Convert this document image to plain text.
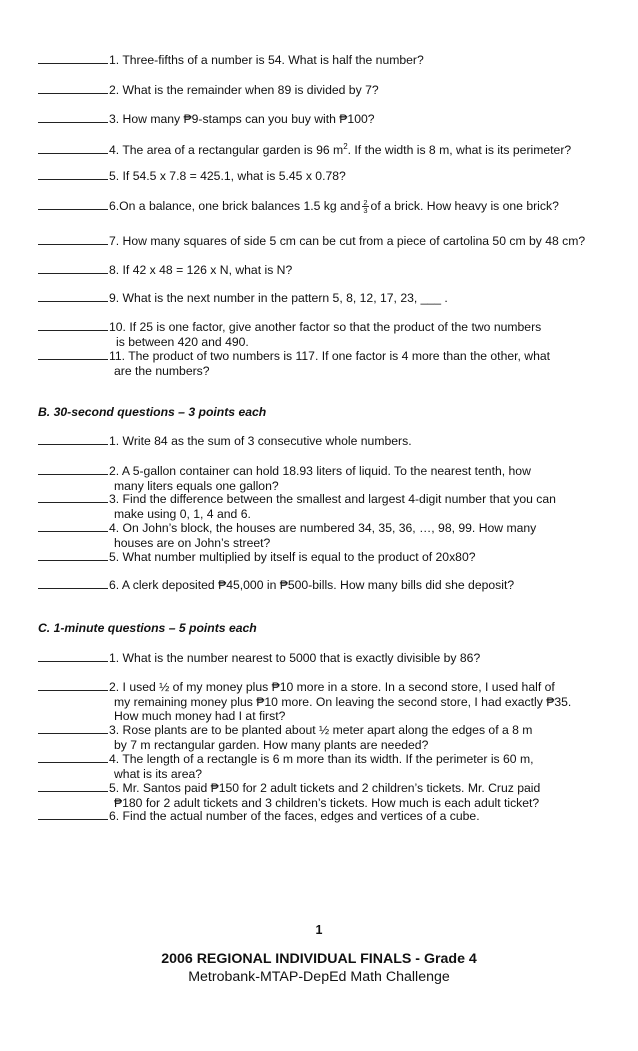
1. Three-fifths of a number is 54. What is half the number?
2. What is the remainder when 89 is divided by 7?
3. How many ₱9-stamps can you buy with ₱100?
4. The area of a rectangular garden is 96 $m^2$. If the width is 8 m, what is its perimeter?
5. If 54.5 x 7.8 = 425.1, what is 5.45 x 0.78?
6.On a balance, one brick balances 1.5 kg and $\frac{2}{3}$ of a brick. How heavy is one brick?
7. How many squares of side 5 cm can be cut from a piece of cartolina 50 cm by 48 cm?
8. If 42 x 48 = 126 x N, what is N?
9. What is the next number in the pattern 5, 8, 12, 17, 23, ___ .
10. If 25 is one factor, give another factor so that the product of the two numbers
is between 420 and 490.
11. The product of two numbers is 117. If one factor is 4 more than the other, what
are the numbers?
B. 30-second questions – 3 points each
1. Write 84 as the sum of 3 consecutive whole numbers.
2. A 5-gallon container can hold 18.93 liters of liquid. To the nearest tenth, how
many liters equals one gallon?
3. Find the difference between the smallest and largest 4-digit number that you can
make using 0, 1, 4 and 6.
4. On John’s block, the houses are numbered 34, 35, 36, …, 98, 99. How many
houses are on John’s street?
5. What number multiplied by itself is equal to the product of 20x80?
6. A clerk deposited ₱45,000 in ₱500-bills. How many bills did she deposit?
C. 1-minute questions – 5 points each
1. What is the number nearest to 5000 that is exactly divisible by 86?
2. I used ½ of my money plus ₱10 more in a store. In a second store, I used half of
my remaining money plus ₱10 more. On leaving the second store, I had exactly ₱35.
How much money had I at first?
3. Rose plants are to be planted about ½ meter apart along the edges of a 8 m
by 7 m rectangular garden. How many plants are needed?
4. The length of a rectangle is 6 m more than its width. If the perimeter is 60 m,
what is its area?
5. Mr. Santos paid ₱150 for 2 adult tickets and 2 children’s tickets. Mr. Cruz paid
₱180 for 2 adult tickets and 3 children’s tickets. How much is each adult ticket?
6. Find the actual number of the faces, edges and vertices of a cube.
1
2006 REGIONAL INDIVIDUAL FINALS - Grade 4
Metrobank-MTAP-DepEd Math Challenge
